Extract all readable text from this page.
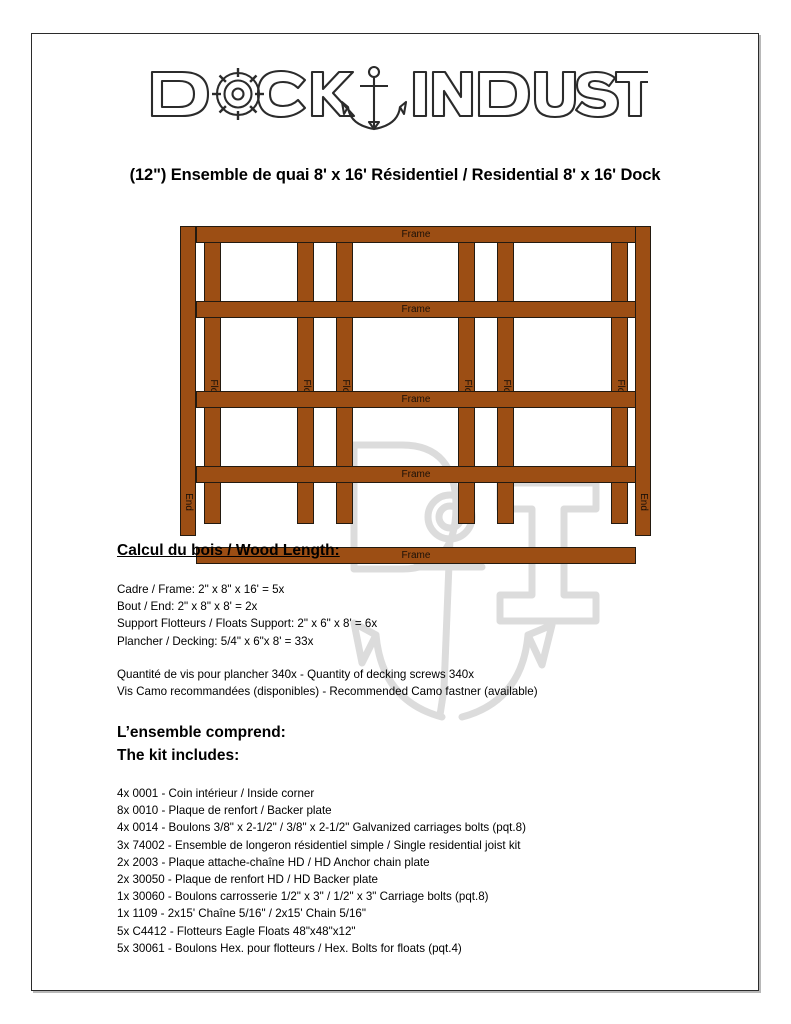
(12") Ensemble de quai 8' x 16' Résidentiel / Residential 8' x 16' Dock
End	End
Frame
Frame
Frame
Frame
Frame
Calcul du bois / Wood Length:
Cadre / Frame: 2" x 8" x 16' = 5x
Bout / End: 2" x 8" x 8' = 2x
Support Flotteurs / Floats Support: 2" x 6" x 8' = 6x
Plancher / Decking: 5/4" x 6"x 8' = 33x
Quantité de vis pour plancher 340x - Quantity of decking screws 340x
Vis Camo recommandées (disponibles) - Recommended Camo fastner (available)
L’ensemble comprend:
The kit includes:
4x 0001 - Coin intérieur / Inside corner
8x 0010 - Plaque de renfort / Backer plate
4x 0014 - Boulons 3/8" x 2-1/2" / 3/8" x 2-1/2" Galvanized carriages bolts (pqt.8)
3x 74002 - Ensemble de longeron résidentiel simple / Single residential joist kit
2x 2003 - Plaque attache-chaîne HD / HD Anchor chain plate
2x 30050 - Plaque de renfort HD / HD Backer plate
1x 30060 - Boulons carrosserie 1/2" x 3" / 1/2" x 3" Carriage bolts (pqt.8)
1x 1109 - 2x15' Chaîne 5/16" / 2x15' Chain 5/16"
5x C4412 - Flotteurs Eagle Floats 48"x48"x12"
5x 30061 - Boulons Hex. pour flotteurs / Hex. Bolts for floats (pqt.4)
